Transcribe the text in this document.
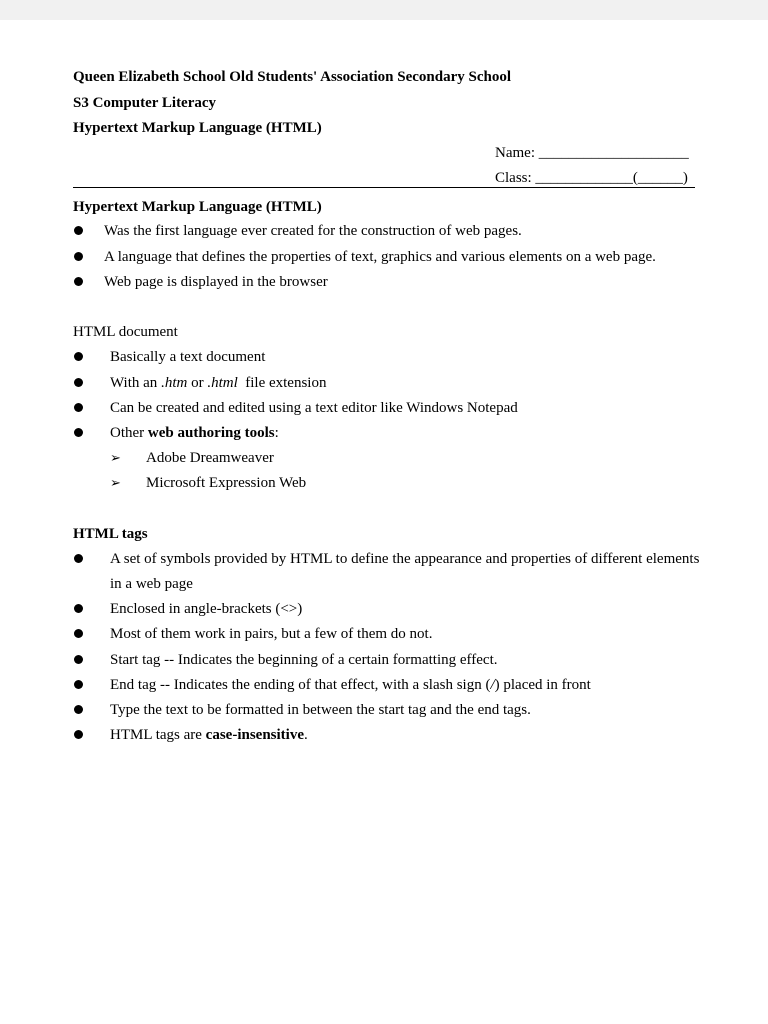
Queen Elizabeth School Old Students' Association Secondary School
S3 Computer Literacy
Hypertext Markup Language (HTML)
Name: ____________________
Class: _____________(______)
Hypertext Markup Language (HTML)
Was the first language ever created for the construction of web pages.
A language that defines the properties of text, graphics and various elements on a web page.
Web page is displayed in the browser
HTML document
Basically a text document
With an .htm or .html  file extension
Can be created and edited using a text editor like Windows Notepad
Other web authoring tools:
➢ Adobe Dreamweaver
➢ Microsoft Expression Web
HTML tags
A set of symbols provided by HTML to define the appearance and properties of different elements
in a web page
Enclosed in angle-brackets (<>)
Most of them work in pairs, but a few of them do not.
Start tag -- Indicates the beginning of a certain formatting effect.
End tag -- Indicates the ending of that effect, with a slash sign (/) placed in front
Type the text to be formatted in between the start tag and the end tags.
HTML tags are case-insensitive.
